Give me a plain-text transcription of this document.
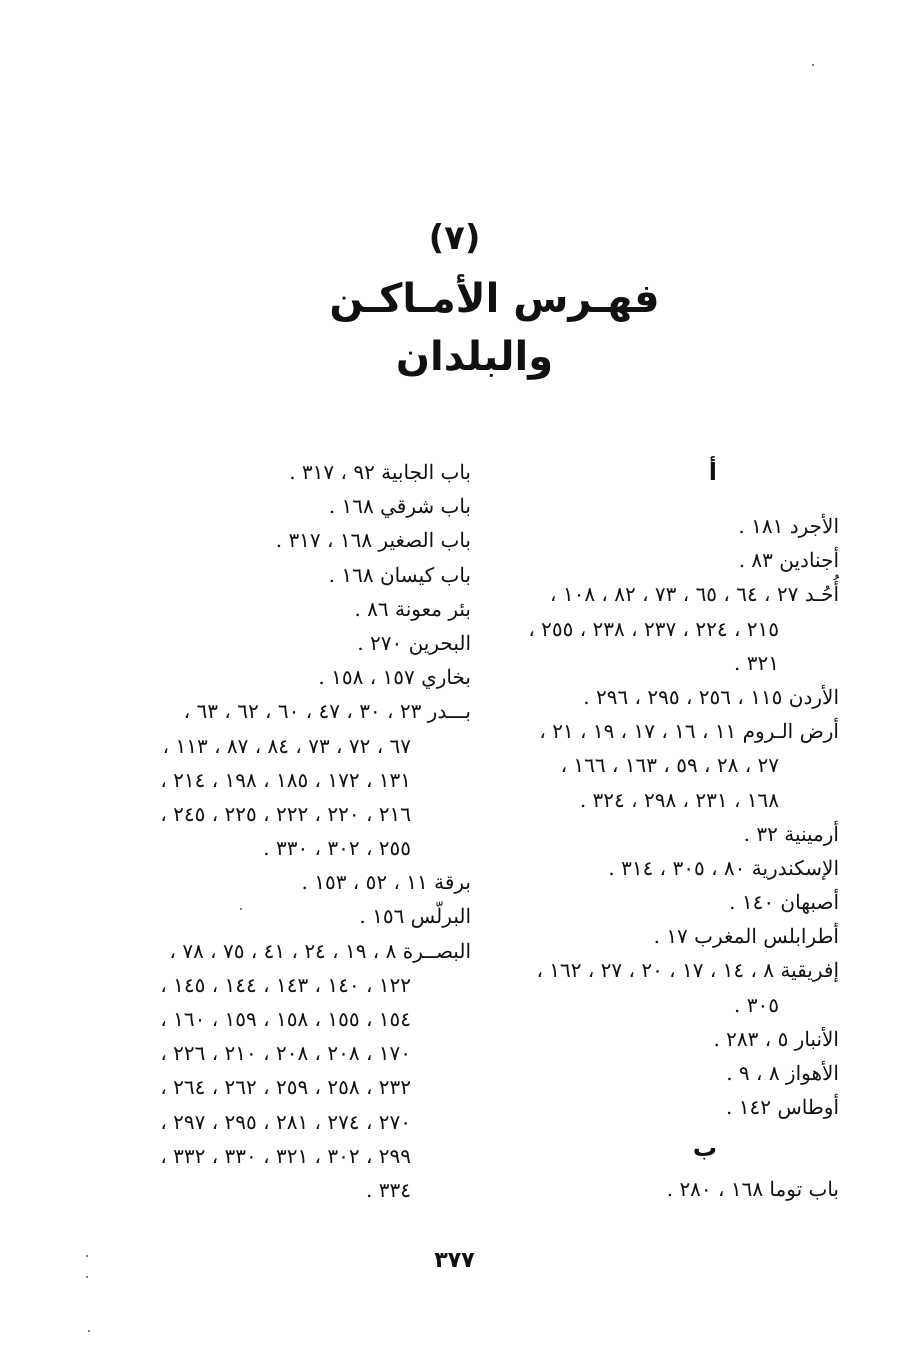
(٧)
فهـرس الأمـاكـن
والبلدان
أ
الأجرد ١٨١ .
أجنادين ٨٣ .
أُحُـد ٢٧ ، ٦٤ ، ٦٥ ، ٧٣ ، ٨٢ ، ١٠٨ ،
٢١٥ ، ٢٢٤ ، ٢٣٧ ، ٢٣٨ ، ٢٥٥ ،
٣٢١ .
الأردن ١١٥ ، ٢٥٦ ، ٢٩٥ ، ٢٩٦ .
أرض الـروم ١١ ، ١٦ ، ١٧ ، ١٩ ، ٢١ ،
٢٧ ، ٢٨ ، ٥٩ ، ١٦٣ ، ١٦٦ ،
١٦٨ ، ٢٣١ ، ٢٩٨ ، ٣٢٤ .
أرمينية ٣٢ .
الإسكندرية ٨٠ ، ٣٠٥ ، ٣١٤ .
أصبهان ١٤٠ .
أطرابلس المغرب ١٧ .
إفريقية ٨ ، ١٤ ، ١٧ ، ٢٠ ، ٢٧ ، ١٦٢ ،
٣٠٥ .
الأنبار ٥ ، ٢٨٣ .
الأهواز ٨ ، ٩ .
أوطاس ١٤٢ .
ب
باب توما ١٦٨ ، ٢٨٠ .
باب الجابية ٩٢ ، ٣١٧ .
باب شرقي ١٦٨ .
باب الصغير ١٦٨ ، ٣١٧ .
باب كيسان ١٦٨ .
بئر معونة ٨٦ .
البحرين ٢٧٠ .
بخاري ١٥٧ ، ١٥٨ .
بـــدر ٢٣ ، ٣٠ ، ٤٧ ، ٦٠ ، ٦٢ ، ٦٣ ،
٦٧ ، ٧٢ ، ٧٣ ، ٨٤ ، ٨٧ ، ١١٣ ،
١٣١ ، ١٧٢ ، ١٨٥ ، ١٩٨ ، ٢١٤ ،
٢١٦ ، ٢٢٠ ، ٢٢٢ ، ٢٢٥ ، ٢٤٥ ،
٢٥٥ ، ٣٠٢ ، ٣٣٠ .
برقة ١١ ، ٥٢ ، ١٥٣ .
البرلّس ١٥٦ .
البصــرة ٨ ، ١٩ ، ٢٤ ، ٤١ ، ٧٥ ، ٧٨ ،
١٢٢ ، ١٤٠ ، ١٤٣ ، ١٤٤ ، ١٤٥ ،
١٥٤ ، ١٥٥ ، ١٥٨ ، ١٥٩ ، ١٦٠ ،
١٧٠ ، ٢٠٨ ، ٢٠٨ ، ٢١٠ ، ٢٢٦ ،
٢٣٢ ، ٢٥٨ ، ٢٥٩ ، ٢٦٢ ، ٢٦٤ ،
٢٧٠ ، ٢٧٤ ، ٢٨١ ، ٢٩٥ ، ٢٩٧ ،
٢٩٩ ، ٣٠٢ ، ٣٢١ ، ٣٣٠ ، ٣٣٢ ،
٣٣٤ .
٣٧٧
